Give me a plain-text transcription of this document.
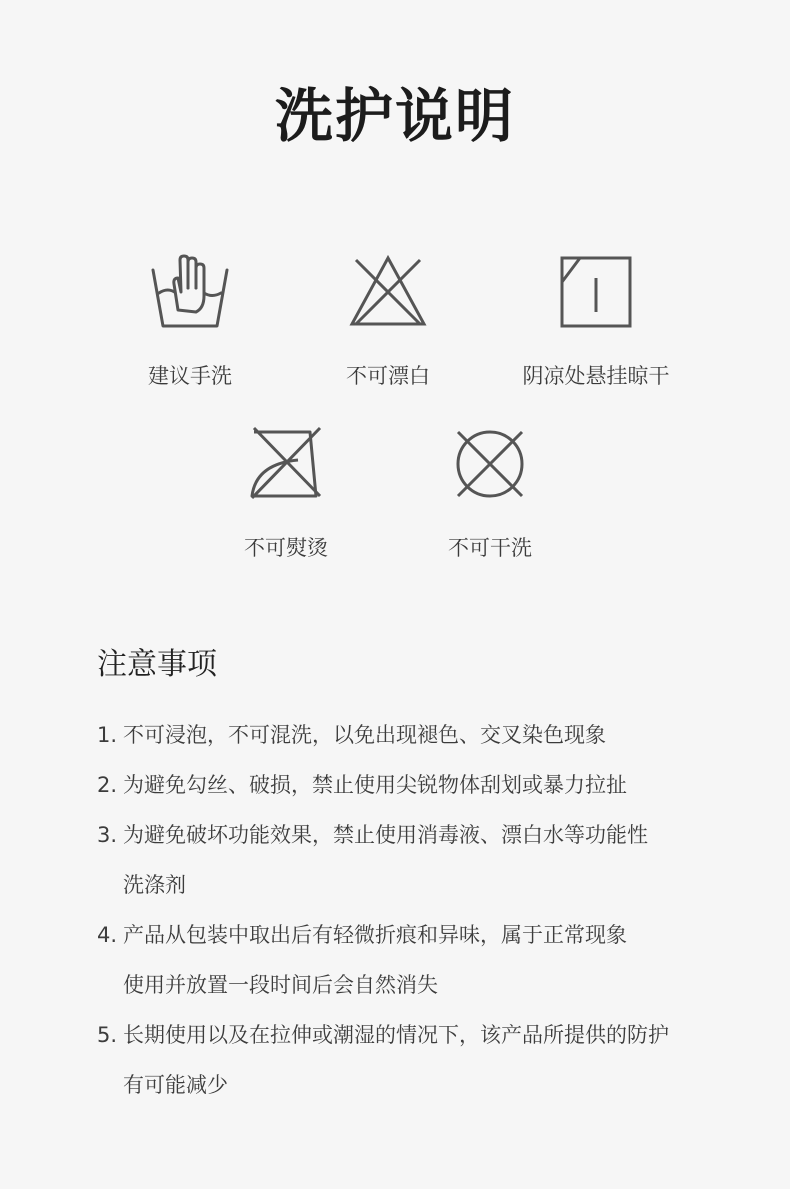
洗护说明
建议手洗	不可漂白	阴凉处悬挂晾干
不可熨烫	不可干洗
注意事项
1. 不可浸泡，不可混洗，以免出现褪色、交叉染色现象
2. 为避免勾丝、破损，禁止使用尖锐物体刮划或暴力拉扯
3. 为避免破坏功能效果，禁止使用消毒液、漂白水等功能性
洗涤剂
4. 产品从包装中取出后有轻微折痕和异味，属于正常现象
使用并放置一段时间后会自然消失
5. 长期使用以及在拉伸或潮湿的情况下，该产品所提供的防护
有可能减少
